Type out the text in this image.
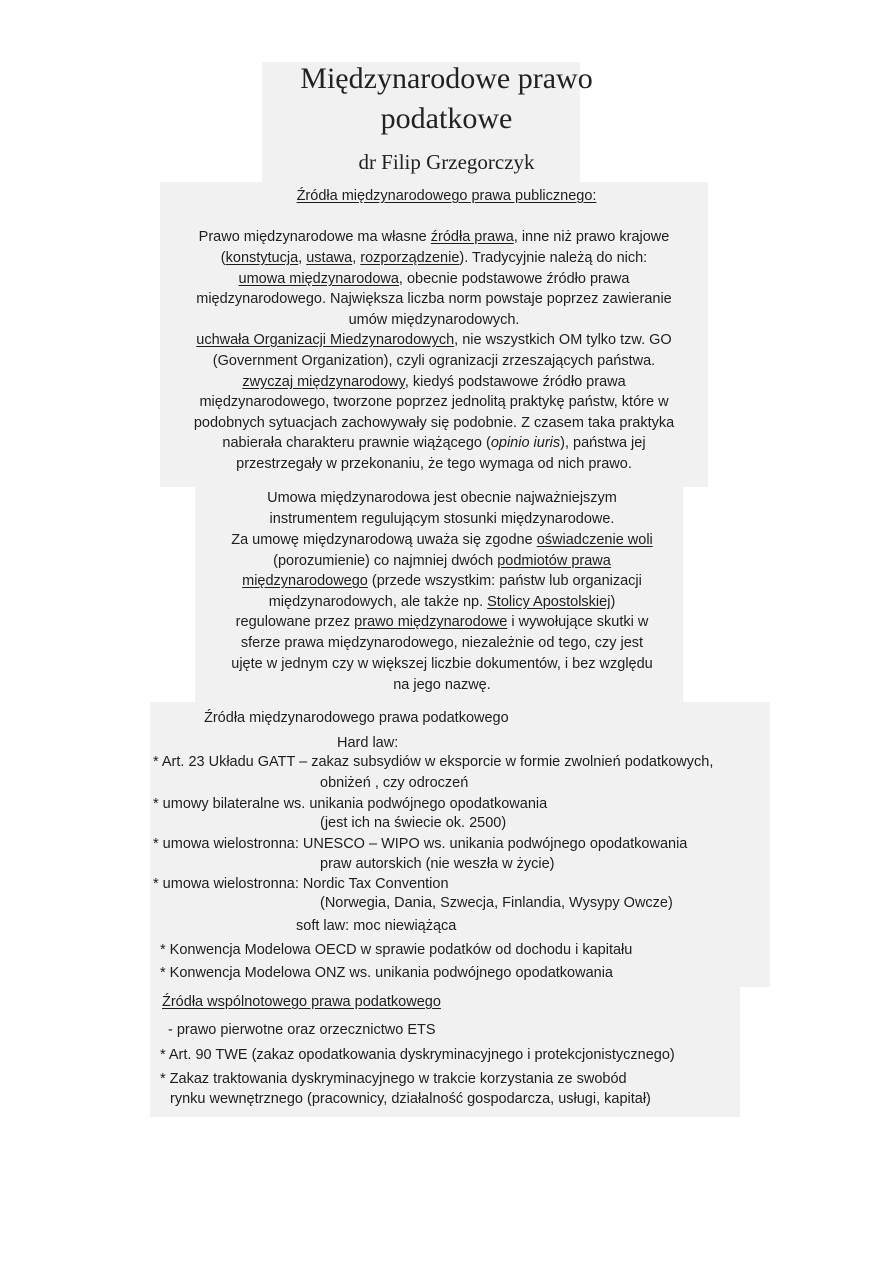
Międzynarodowe prawo
podatkowe
dr Filip Grzegorczyk
Źródła międzynarodowego prawa publicznego:
Prawo międzynarodowe ma własne źródła prawa, inne niż prawo krajowe
(konstytucja, ustawa, rozporządzenie). Tradycyjnie należą do nich:
umowa międzynarodowa, obecnie podstawowe źródło prawa
międzynarodowego. Największa liczba norm powstaje poprzez zawieranie
umów międzynarodowych.
uchwała Organizacji Miedzynarodowych, nie wszystkich OM tylko tzw. GO
(Government Organization), czyli ogranizacji zrzeszających państwa.
zwyczaj międzynarodowy, kiedyś podstawowe źródło prawa
międzynarodowego, tworzone poprzez jednolitą praktykę państw, które w
podobnych sytuacjach zachowywały się podobnie. Z czasem taka praktyka
nabierała charakteru prawnie wiążącego (opinio iuris), państwa jej
przestrzegały w przekonaniu, że tego wymaga od nich prawo.
Umowa międzynarodowa jest obecnie najważniejszym
instrumentem regulującym stosunki międzynarodowe.
Za umowę międzynarodową uważa się zgodne oświadczenie woli
(porozumienie) co najmniej dwóch podmiotów prawa
międzynarodowego (przede wszystkim: państw lub organizacji
międzynarodowych, ale także np. Stolicy Apostolskiej)
regulowane przez prawo międzynarodowe i wywołujące skutki w
sferze prawa międzynarodowego, niezależnie od tego, czy jest
ujęte w jednym czy w większej liczbie dokumentów, i bez względu
na jego nazwę.
Źródła międzynarodowego prawa podatkowego
Hard law:
* Art. 23 Układu GATT – zakaz subsydiów w eksporcie w formie zwolnień podatkowych,
obniżeń , czy odroczeń
* umowy bilateralne ws. unikania podwójnego opodatkowania
(jest ich na świecie ok. 2500)
* umowa wielostronna: UNESCO – WIPO ws. unikania podwójnego opodatkowania
praw autorskich (nie weszła w życie)
* umowa wielostronna: Nordic Tax Convention
(Norwegia, Dania, Szwecja, Finlandia, Wysypy Owcze)
soft law: moc niewiążąca
* Konwencja Modelowa OECD w sprawie podatków od dochodu i kapitału
* Konwencja Modelowa ONZ ws. unikania podwójnego opodatkowania
Źródła wspólnotowego prawa podatkowego
- prawo pierwotne oraz orzecznictwo ETS
* Art. 90 TWE (zakaz opodatkowania dyskryminacyjnego i protekcjonistycznego)
* Zakaz traktowania dyskryminacyjnego w trakcie korzystania ze swobód
rynku wewnętrznego (pracownicy, działalność gospodarcza, usługi, kapitał)
